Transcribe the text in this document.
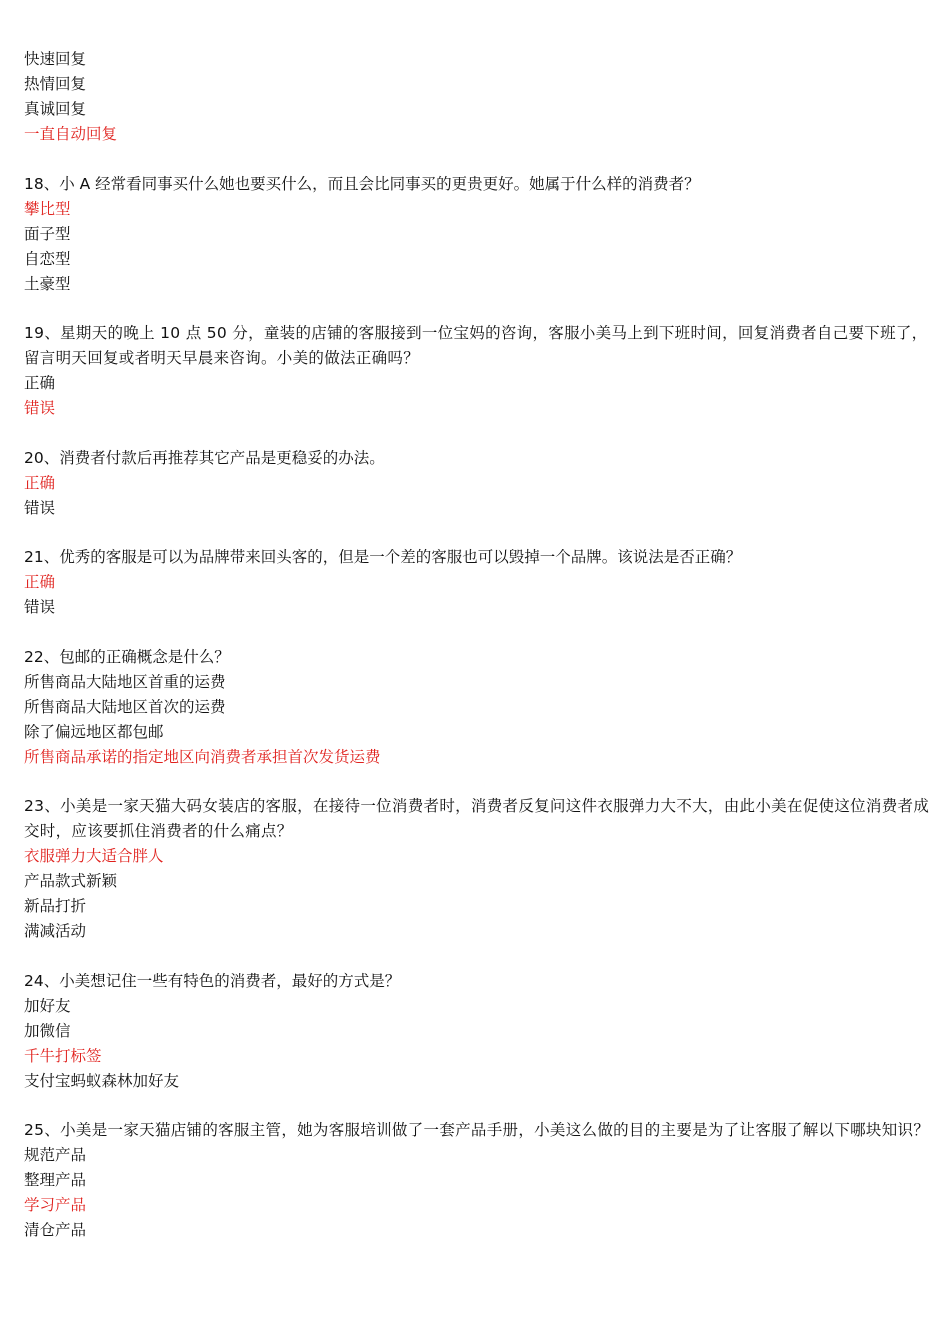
快速回复
热情回复
真诚回复
一直自动回复
18、小 A 经常看同事买什么她也要买什么，而且会比同事买的更贵更好。她属于什么样的消费者？
攀比型
面子型
自恋型
土豪型
19、星期天的晚上 10 点 50 分，童装的店铺的客服接到一位宝妈的咨询，客服小美马上到下班时间，回复消费者自己要下班了，留言明天回复或者明天早晨来咨询。小美的做法正确吗？
正确
错误
20、消费者付款后再推荐其它产品是更稳妥的办法。
正确
错误
21、优秀的客服是可以为品牌带来回头客的，但是一个差的客服也可以毁掉一个品牌。该说法是否正确？
正确
错误
22、包邮的正确概念是什么？
所售商品大陆地区首重的运费
所售商品大陆地区首次的运费
除了偏远地区都包邮
所售商品承诺的指定地区向消费者承担首次发货运费
23、小美是一家天猫大码女装店的客服，在接待一位消费者时，消费者反复问这件衣服弹力大不大，由此小美在促使这位消费者成交时，应该要抓住消费者的什么痛点？
衣服弹力大适合胖人
产品款式新颖
新品打折
满减活动
24、小美想记住一些有特色的消费者，最好的方式是？
加好友
加微信
千牛打标签
支付宝蚂蚁森林加好友
25、小美是一家天猫店铺的客服主管，她为客服培训做了一套产品手册，小美这么做的目的主要是为了让客服了解以下哪块知识？
规范产品
整理产品
学习产品
清仓产品
